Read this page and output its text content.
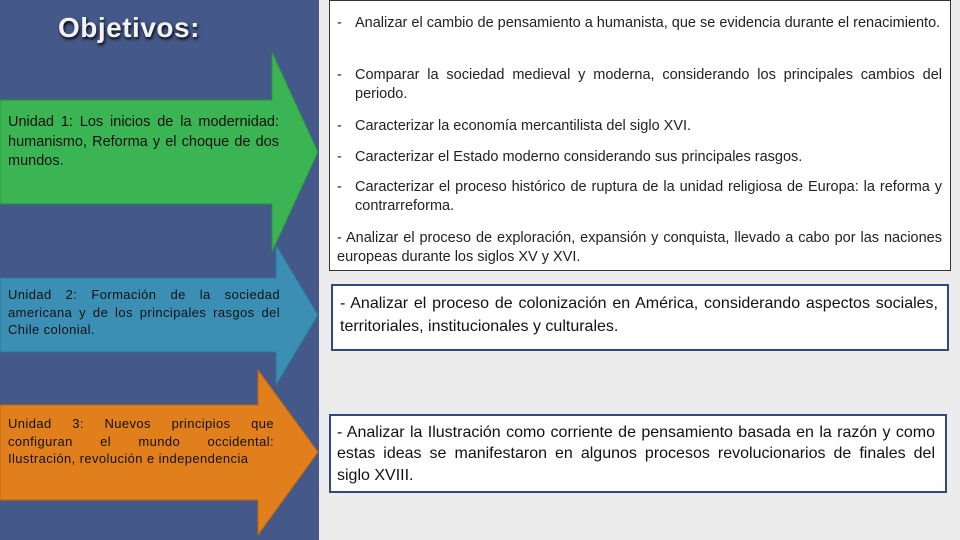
Objetivos:
Unidad 1: Los inicios de la modernidad: humanismo, Reforma y el choque de dos mundos.
Unidad 2: Formación de la sociedad americana y de los principales rasgos del Chile colonial.
Unidad 3: Nuevos principios que configuran el mundo occidental: Ilustración, revolución e independencia
- Analizar el cambio de pensamiento a humanista, que se evidencia durante el renacimiento.
- Comparar la sociedad medieval y moderna, considerando los principales cambios del periodo.
- Caracterizar la economía mercantilista del siglo XVI.
- Caracterizar el Estado moderno considerando sus principales rasgos.
- Caracterizar el proceso histórico de ruptura de la unidad religiosa de Europa: la reforma y contrarreforma.
- Analizar el proceso de exploración, expansión y conquista, llevado a cabo por las naciones europeas durante los siglos XV y XVI.
- Analizar el proceso de colonización en América, considerando aspectos sociales, territoriales, institucionales y culturales.
- Analizar la Ilustración como corriente de pensamiento basada en la razón y como estas ideas se manifestaron en algunos procesos revolucionarios de finales del siglo XVIII.
